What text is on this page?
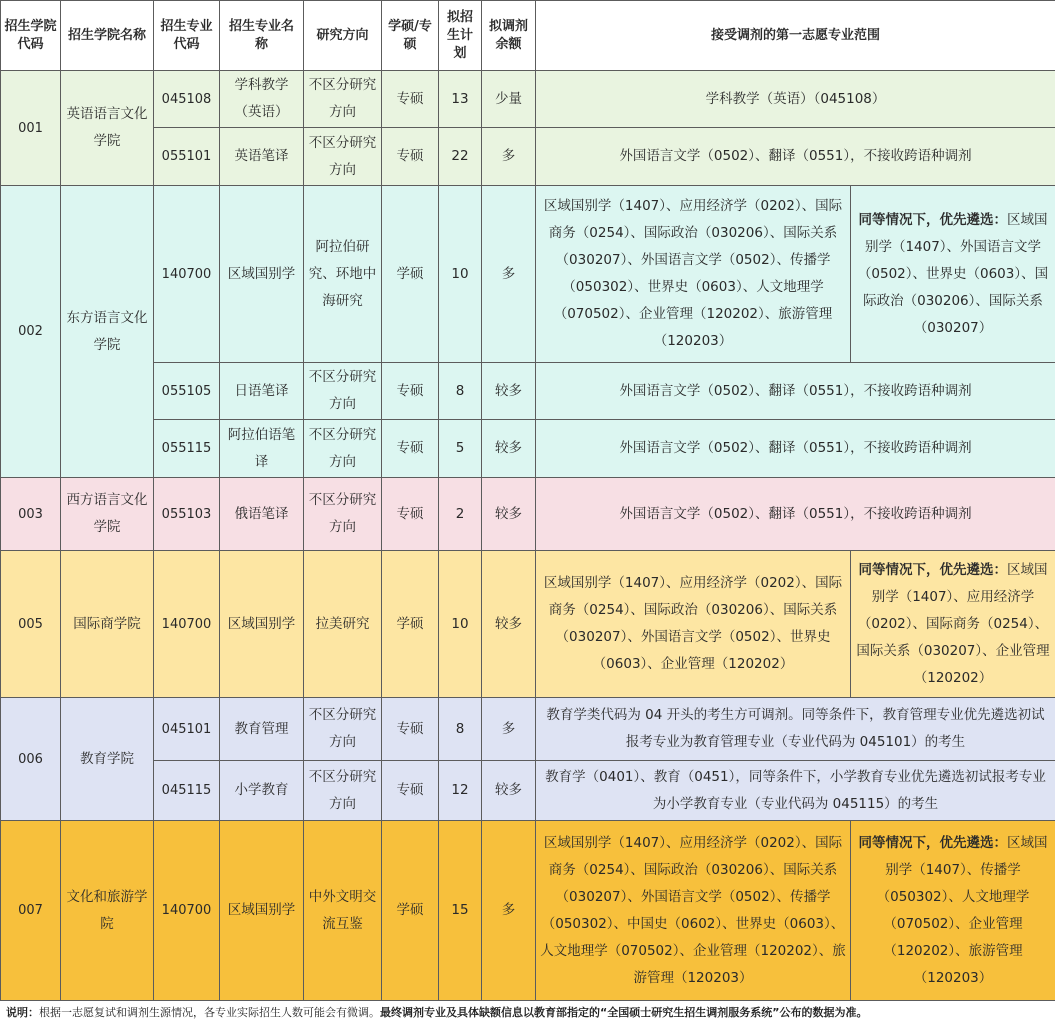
招生学院代码	招生学院名称	招生专业代码	招生专业名称	研究方向	学硕/专硕	拟招生计划	拟调剂余额	接受调剂的第一志愿专业范围	
001	英语语言文化学院	045108	学科教学（英语）	不区分研究方向	专硕	13	少量	学科教学（英语）（045108）	
		055101	英语笔译	不区分研究方向	专硕	22	多	外国语言文学（0502）、翻译（0551），不接收跨语种调剂	
002	东方语言文化学院	140700	区域国别学	阿拉伯研究、环地中海研究	学硕	10	多	区域国别学（1407）、应用经济学（0202）、国际商务（0254）、国际政治（030206）、国际关系（030207）、外国语言文学（0502）、传播学（050302）、世界史（0603）、人文地理学（070502）、企业管理（120202）、旅游管理（120203）	同等情况下，优先遴选：区域国别学（1407）、外国语言文学（0502）、世界史（0603）、国际政治（030206）、国际关系（030207）
		055105	日语笔译	不区分研究方向	专硕	8	较多	外国语言文学（0502）、翻译（0551），不接收跨语种调剂	
		055115	阿拉伯语笔译	不区分研究方向	专硕	5	较多	外国语言文学（0502）、翻译（0551），不接收跨语种调剂	
003	西方语言文化学院	055103	俄语笔译	不区分研究方向	专硕	2	较多	外国语言文学（0502）、翻译（0551），不接收跨语种调剂	
005	国际商学院	140700	区域国别学	拉美研究	学硕	10	较多	区域国别学（1407）、应用经济学（0202）、国际商务（0254）、国际政治（030206）、国际关系（030207）、外国语言文学（0502）、世界史（0603）、企业管理（120202）	同等情况下，优先遴选：区域国别学（1407）、应用经济学（0202）、国际商务（0254）、国际关系（030207）、企业管理（120202）
006	教育学院	045101	教育管理	不区分研究方向	专硕	8	多	教育学类代码为 04 开头的考生方可调剂。同等条件下，教育管理专业优先遴选初试报考专业为教育管理专业（专业代码为 045101）的考生	
		045115	小学教育	不区分研究方向	专硕	12	较多	教育学（0401）、教育（0451），同等条件下，小学教育专业优先遴选初试报考专业为小学教育专业（专业代码为 045115）的考生	
007	文化和旅游学院	140700	区域国别学	中外文明交流互鉴	学硕	15	多	区域国别学（1407）、应用经济学（0202）、国际商务（0254）、国际政治（030206）、国际关系（030207）、外国语言文学（0502）、传播学（050302）、中国史（0602）、世界史（0603）、人文地理学（070502）、企业管理（120202）、旅游管理（120203）	同等情况下，优先遴选：区域国别学（1407）、传播学（050302）、人文地理学（070502）、企业管理（120202）、旅游管理（120203）
说明：根据一志愿复试和调剂生源情况，各专业实际招生人数可能会有微调。最终调剂专业及具体缺额信息以教育部指定的“全国硕士研究生招生调剂服务系统”公布的数据为准。
